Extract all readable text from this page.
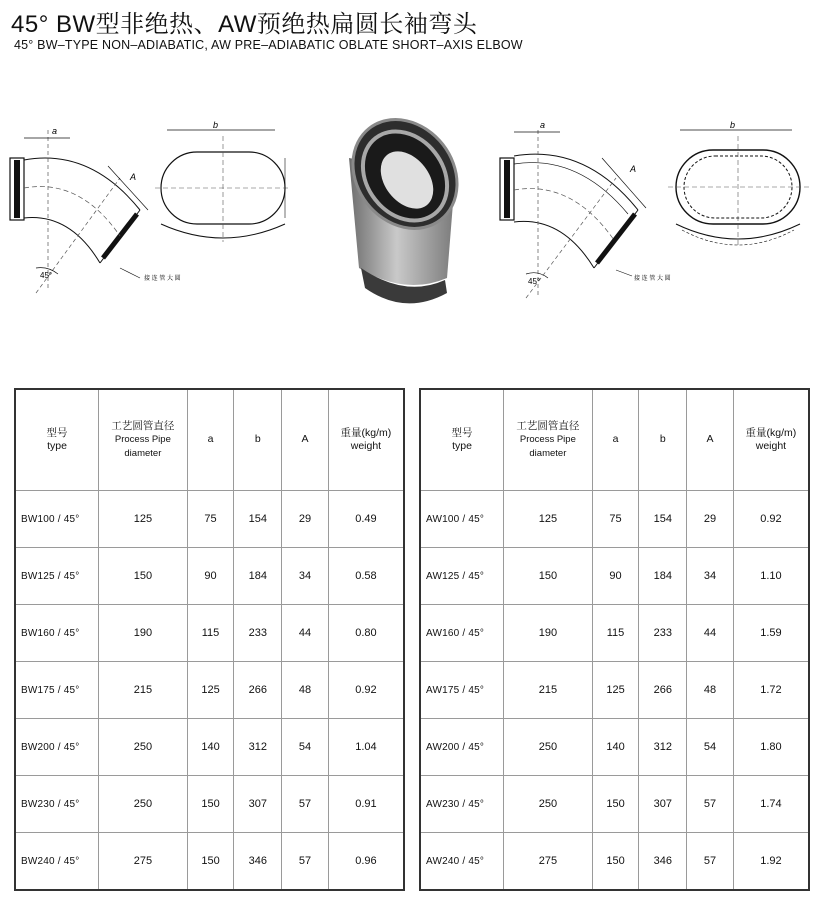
45° BW型非绝热、AW预绝热扁圆长袖弯头
45° BW–TYPE NON–ADIABATIC, AW PRE–ADIABATIC OBLATE SHORT–AXIS ELBOW
a
A
45°	接 连 管 大 圆
b	a
A
45°	接 连 管 大 圆
b
型号
type	工艺圆管直径
Process Pipe
diameter	a	b	A	重量(kg/m)
weight
BW100 / 45°	125	75	154	29	0.49
BW125 / 45°	150	90	184	34	0.58
BW160 / 45°	190	115	233	44	0.80
BW175 / 45°	215	125	266	48	0.92
BW200 / 45°	250	140	312	54	1.04
BW230 / 45°	250	150	307	57	0.91
BW240 / 45°	275	150	346	57	0.96
型号
type	工艺圆管直径
Process Pipe
diameter	a	b	A	重量(kg/m)
weight
AW100 / 45°	125	75	154	29	0.92
AW125 / 45°	150	90	184	34	1.10
AW160 / 45°	190	115	233	44	1.59
AW175 / 45°	215	125	266	48	1.72
AW200 / 45°	250	140	312	54	1.80
AW230 / 45°	250	150	307	57	1.74
AW240 / 45°	275	150	346	57	1.92
